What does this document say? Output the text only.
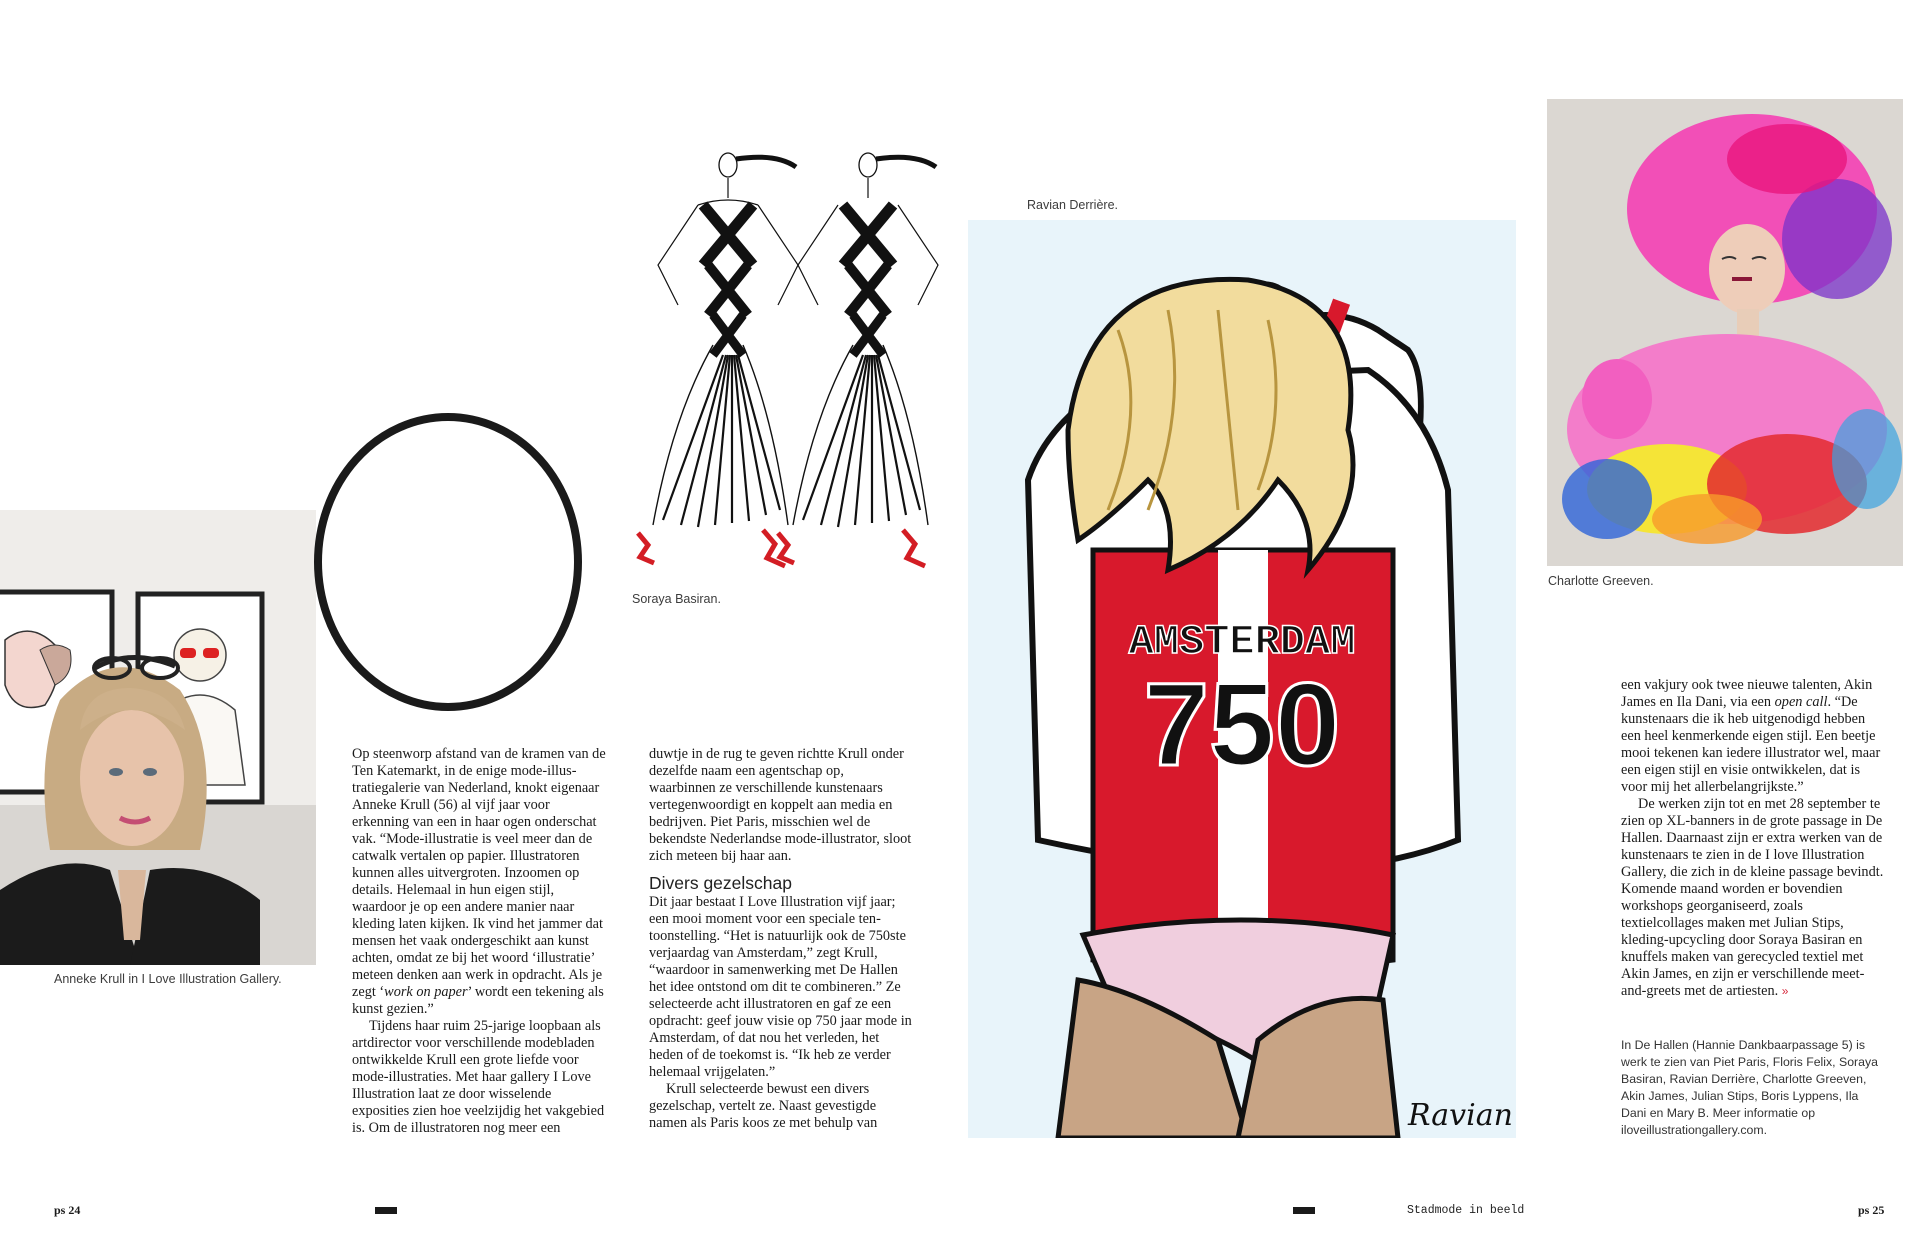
Anneke Krull in I Love Illustration Gallery.
Soraya Basiran.
Ravian Derrière.
AMSTERDAM
750
Ravian
Charlotte Greeven.

Op steenworp afstand van de kramen van de Ten Katemarkt, in de enige mode-illustratiegalerie van Nederland, knokt eigenaar Anneke Krull (56) al vijf jaar voor erkenning van een in haar ogen onderschat vak. “Mode-illustratie is veel meer dan de catwalk vertalen op papier. Illustratoren kunnen alles uitvergroten. Inzoomen op details. Helemaal in hun eigen stijl, waardoor je op een andere manier naar kleding laten kijken. Ik vind het jammer dat mensen het vaak ondergeschikt aan kunst achten, omdat ze bij het woord ‘illustratie’ meteen denken aan werk in opdracht. Als je zegt ‘work on paper’ wordt een tekening als kunst gezien.”

Tijdens haar ruim 25-jarige loopbaan als artdirector voor verschillende modebladen ontwikkelde Krull een grote liefde voor mode-illustraties. Met haar gallery I Love Illustration laat ze door wisselende exposities zien hoe veelzijdig het vakgebied is. Om de illustratoren nog meer een

duwtje in de rug te geven richtte Krull onder dezelfde naam een agentschap op, waarbinnen ze verschillende kunstenaars vertegenwoordigt en koppelt aan media en bedrijven. Piet Paris, misschien wel de bekendste Nederlandse mode-illustrator, sloot zich meteen bij haar aan.

Divers gezelschap

Dit jaar bestaat I Love Illustration vijf jaar; een mooi moment voor een speciale tentoonstelling. “Het is natuurlijk ook de 750ste verjaardag van Amsterdam,” zegt Krull, “waardoor in samenwerking met De Hallen het idee ontstond om dit te combineren.” Ze selecteerde acht illustratoren en gaf ze een opdracht: geef jouw visie op 750 jaar mode in Amsterdam, of dat nou het verleden, het heden of de toekomst is. “Ik heb ze verder helemaal vrijgelaten.”

Krull selecteerde bewust een divers gezelschap, vertelt ze. Naast gevestigde namen als Paris koos ze met behulp van

een vakjury ook twee nieuwe talenten, Akin James en Ila Dani, via een open call. “De kunstenaars die ik heb uitgenodigd hebben een heel kenmerkende eigen stijl. Een beetje mooi tekenen kan iedere illustrator wel, maar een eigen stijl en visie ontwikkelen, dat is voor mij het allerbelangrijkste.”

De werken zijn tot en met 28 september te zien op XL-banners in de grote passage in De Hallen. Daarnaast zijn er extra werken van de kunstenaars te zien in de I love Illustration Gallery, die zich in de kleine passage bevindt. Komende maand worden er bovendien workshops georganiseerd, zoals textielcollages maken met Julian Stips, kleding-upcycling door Soraya Basiran en knuffels maken van gerecycled textiel met Akin James, en zijn er verschillende meet-and-greets met de artiesten. »

In De Hallen (Hannie Dankbaarpassage 5) is werk te zien van Piet Paris, Floris Felix, Soraya Basiran, Ravian Derrière, Charlotte Greeven, Akin James, Julian Stips, Boris Lyppens, Ila Dani en Mary B. Meer informatie op iloveillustrationgallery.com.
ps 24	Stadmode in beeld	ps 25
